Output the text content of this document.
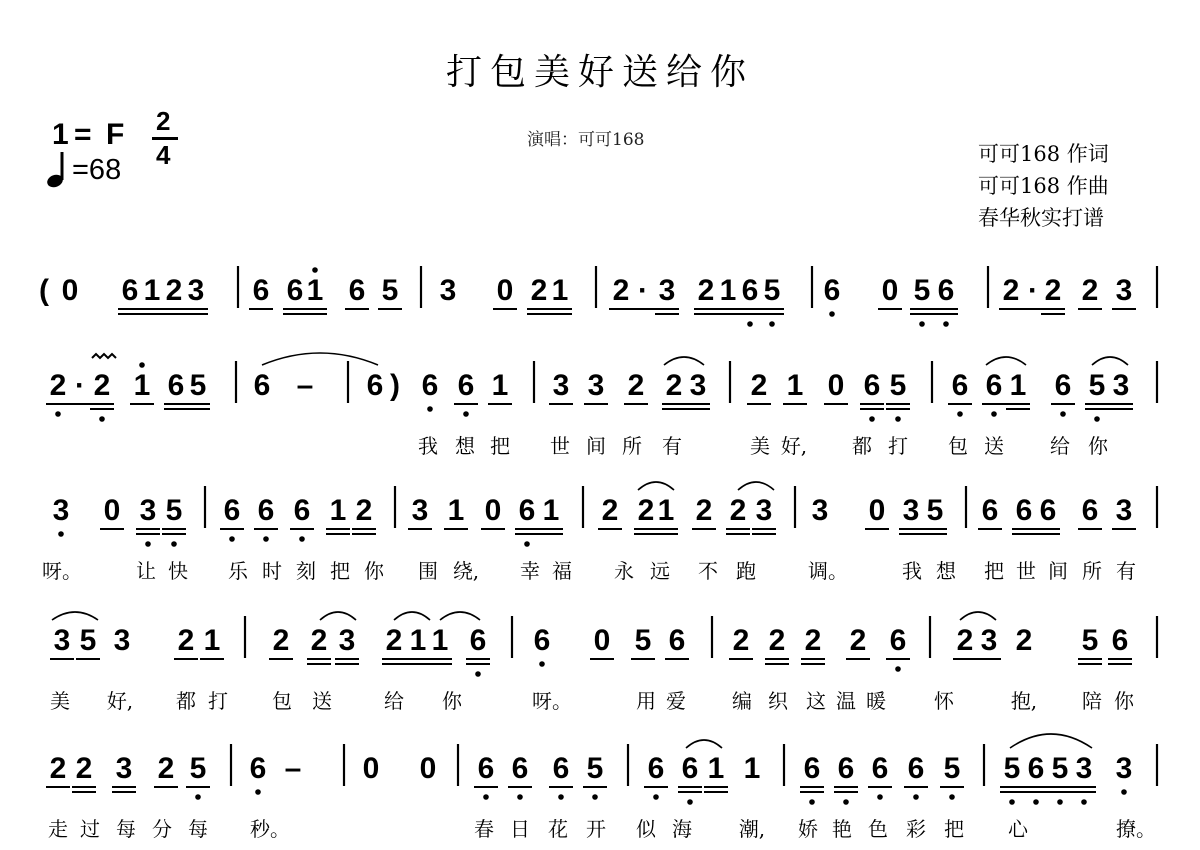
打包美好送给你
1 = F 2
4
=68
演唱：可可168
可可168 作词
可可168 作曲
春华秋实打谱
( 0 6 1 2 3 6 6 1 6 5 3 0 2 1 2 · 3 2 1 6 5 6 0 5 6 2 · 2 2 3
2 · 2 1 6 5 6 – 6 ) 6 6 1 3 3 2 2 3 2 1 0 6 5 6 6 1 6 5 3
我 想 把 世 间 所 有	美 好, 都 打 包 送 给 你
3 0 3 5 6 6 6 1 2 3 1 0 6 1 2 2 1 2 2 3 3 0 3 5 6 6 6 6 3
呀。	让 快 乐 时 刻 把 你 围 绕, 幸 福 永 远 不 跑	调。	我 想 把 世 间 所 有
3 5 3 2 1 2 2 3 2 1 1 6 6 0 5 6 2 2 2 2 6 2 3 2 5 6
美 好, 都 打 包 送	给 你	呀。	用 爱 编 织 这 温 暖 怀	抱, 陪 你
2 2 3 2 5 6 – 0 0 6 6 6 5 6 6 1 1 6 6 6 6 5 5 6 5 3 3
走 过 每 分 每 秒。	春 日 花 开 似 海 潮, 娇 艳 色 彩 把 心	撩。
